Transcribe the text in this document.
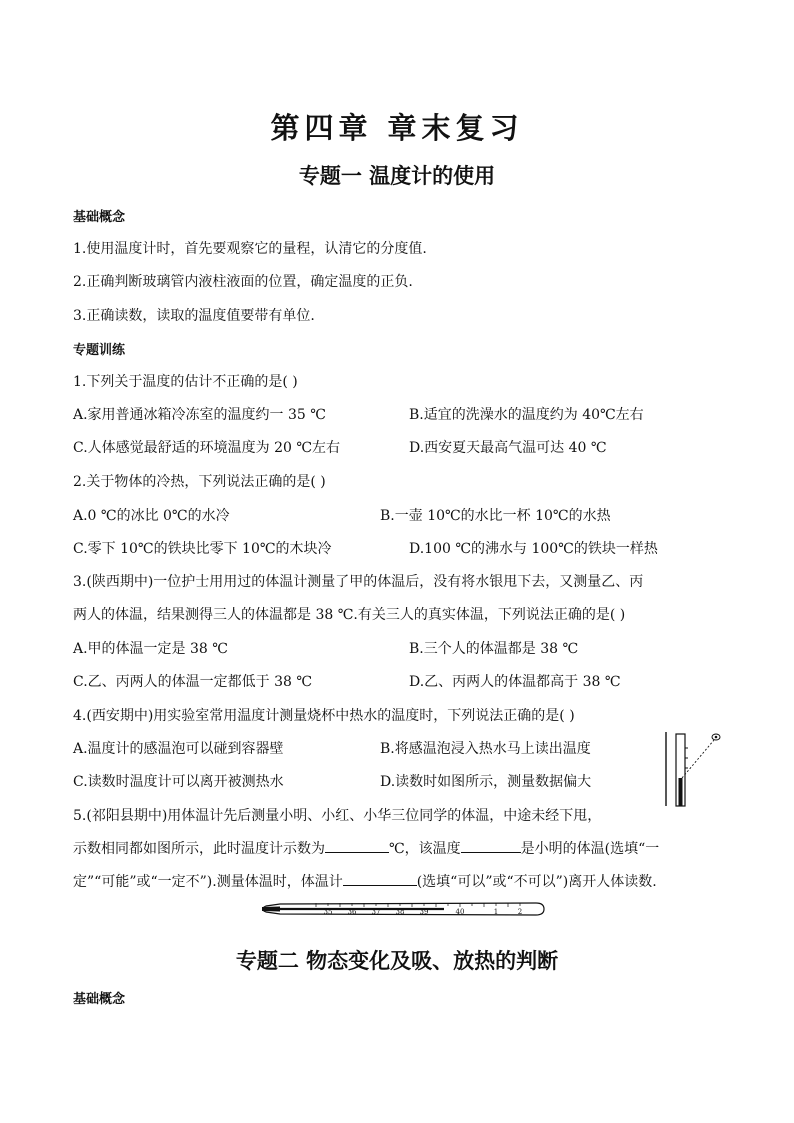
第四章 章末复习
专题一 温度计的使用
基础概念
1.使用温度计时，首先要观察它的量程，认清它的分度值.
2.正确判断玻璃管内液柱液面的位置，确定温度的正负.
3.正确读数，读取的温度值要带有单位.
专题训练
1.下列关于温度的估计不正确的是( )
A.家用普通冰箱冷冻室的温度约一 35 ℃	B.适宜的洗澡水的温度约为 40℃左右
C.人体感觉最舒适的环境温度为 20 ℃左右	D.西安夏天最高气温可达 40 ℃
2.关于物体的冷热，下列说法正确的是( )
A.0 ℃的冰比 0℃的水冷	B.一壶 10℃的水比一杯 10℃的水热
C.零下 10℃的铁块比零下 10℃的木块冷	D.100 ℃的沸水与 100℃的铁块一样热
3.(陕西期中)一位护士用用过的体温计测量了甲的体温后，没有将水银甩下去，又测量乙、丙
两人的体温，结果测得三人的体温都是 38 ℃.有关三人的真实体温，下列说法正确的是( )
A.甲的体温一定是 38 ℃	B.三个人的体温都是 38 ℃
C.乙、丙两人的体温一定都低于 38 ℃	D.乙、丙两人的体温都高于 38 ℃
4.(西安期中)用实验室常用温度计测量烧杯中热水的温度时，下列说法正确的是( )
A.温度计的感温泡可以碰到容器壁	B.将感温泡浸入热水马上读出温度
C.读数时温度计可以离开被测热水	D.读数时如图所示，测量数据偏大
5.(祁阳县期中)用体温计先后测量小明、小红、小华三位同学的体温，中途未经下甩，
示数相同都如图所示，此时温度计示数为	℃，该温度	是小明的体温(选填“一
定”“可能”或“一定不”).测量体温时，体温计	(选填“可以”或“不可以”)离开人体读数.
35 36 37 38 39	40	1	2
专题二 物态变化及吸、放热的判断
基础概念
